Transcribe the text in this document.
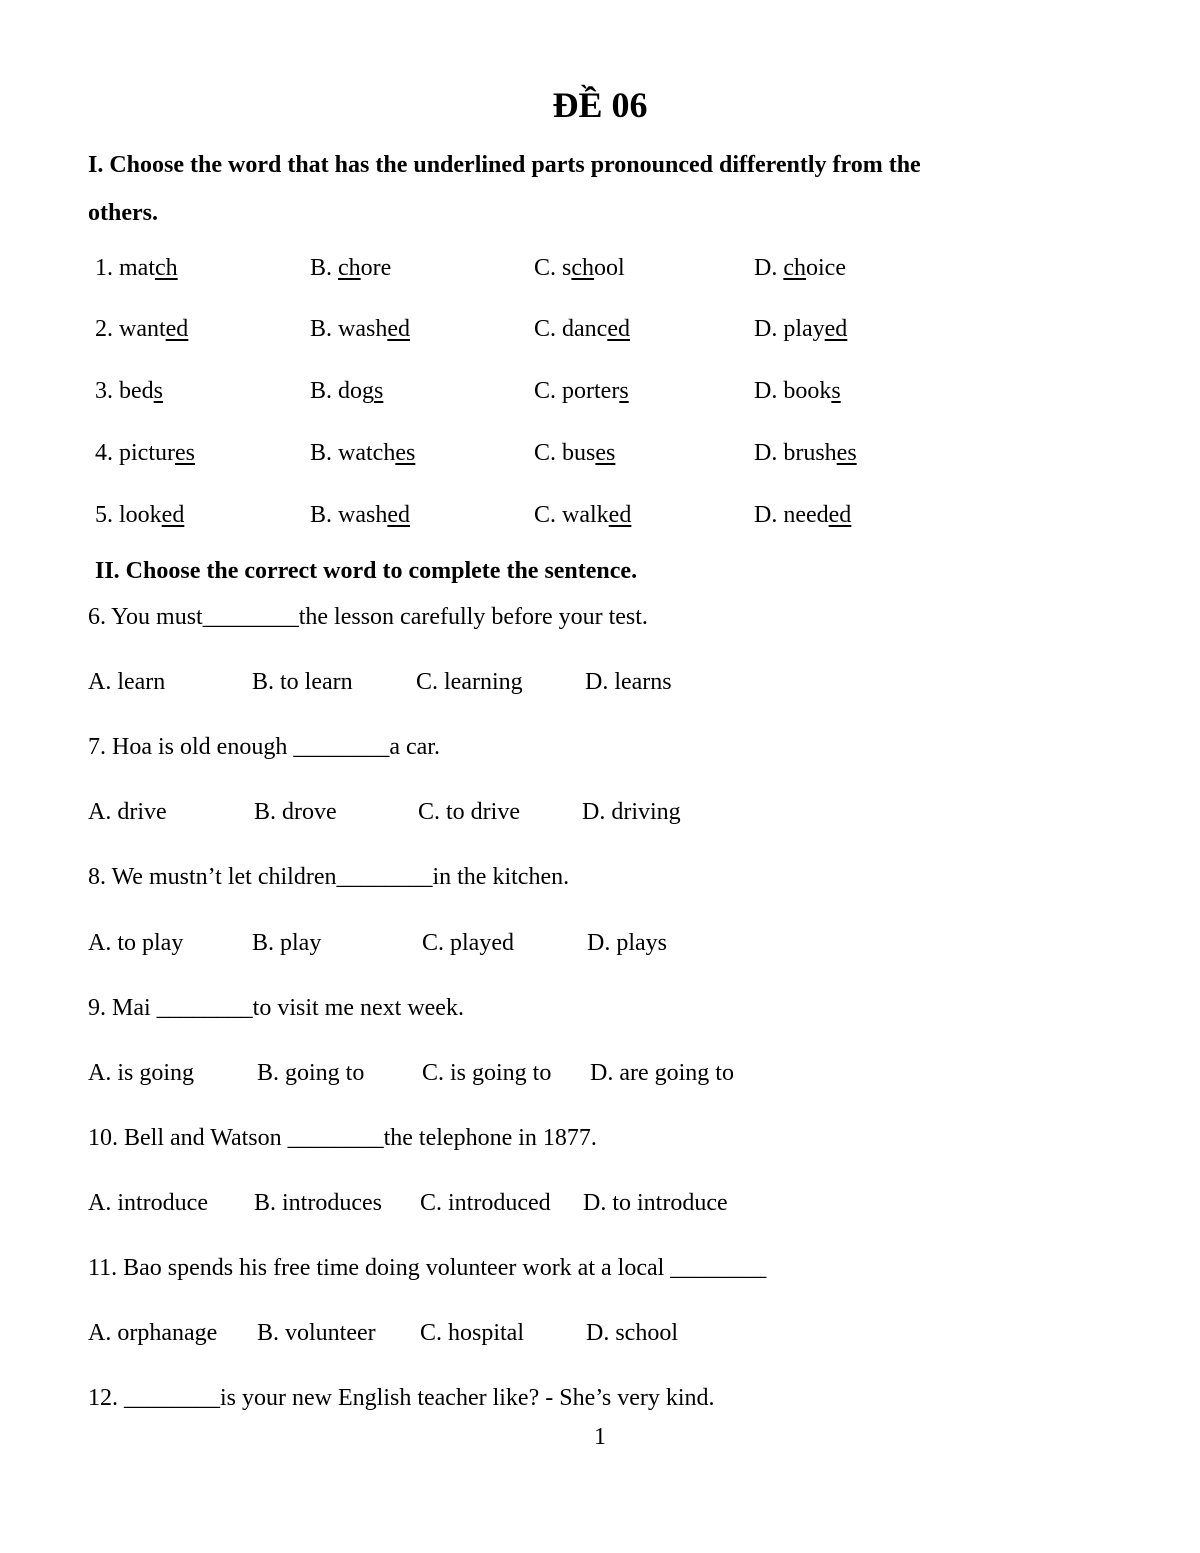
ĐỀ 06
I. Choose the word that has the underlined parts pronounced differently from the
others.
1. match	B. chore	C. school	D. choice
2. wanted	B. washed	C. danced	D. played
3. beds	B. dogs	C. porters	D. books
4. pictures	B. watches	C. buses	D. brushes
5. looked	B. washed	C. walked	D. needed
II. Choose the correct word to complete the sentence.
6. You must________the lesson carefully before your test.
A. learn	B. to learn	C. learning	D. learns
7. Hoa is old enough ________a car.
A. drive	B. drove	C. to drive	D. driving
8. We mustn’t let children________in the kitchen.
A. to play	B. play	C. played	D. plays
9. Mai ________to visit me next week.
A. is going	B. going to C. is going to D. are going to
10. Bell and Watson ________the telephone in 1877.
A. introduce B. introduces C. introduced D. to introduce
11. Bao spends his free time doing volunteer work at a local ________
A. orphanage B. volunteer C. hospital	D. school
12. ________is your new English teacher like? - She’s very kind.
1
